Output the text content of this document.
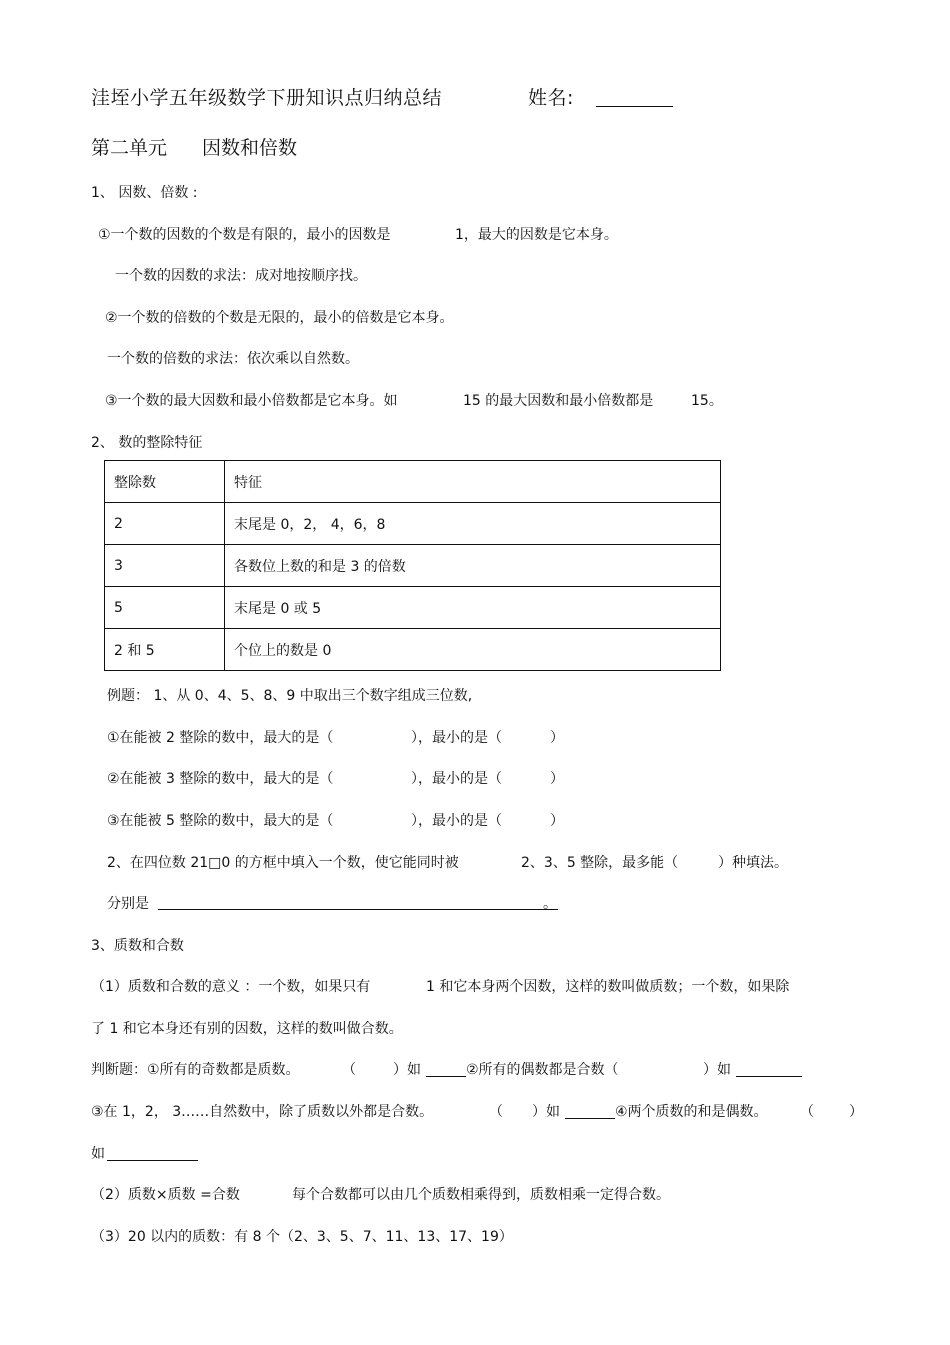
洼垤小学五年级数学下册知识点归纳总结	姓名:
第二单元 因数和倍数
1、 因数、倍数 :
①一个数的因数的个数是有限的，最小的因数是	1，最大的因数是它本身。
一个数的因数的求法：成对地按顺序找。
②一个数的倍数的个数是无限的，最小的倍数是它本身。
一个数的倍数的求法：依次乘以自然数。
③一个数的最大因数和最小倍数都是它本身。如	15 的最大因数和最小倍数都是	15。
2、 数的整除特征
整除数	特征
2	末尾是 0，2， 4，6，8
3	各数位上数的和是 3 的倍数
5	末尾是 0 或 5
2 和 5	个位上的数是 0
例题： 1、从 0、4、5、8、9 中取出三个数字组成三位数,
①在能被 2 整除的数中，最大的是（	），最小的是（	）
②在能被 3 整除的数中，最大的是（	），最小的是（	）
③在能被 5 整除的数中，最大的是（	），最小的是（	）
2、在四位数 21□0 的方框中填入一个数，使它能同时被	2、3、5 整除，最多能（	）种填法。
分别是	。
3、质数和合数
（1）质数和合数的意义 ：一个数，如果只有	1 和它本身两个因数，这样的数叫做质数；一个数，如果除
了 1 和它本身还有别的因数，这样的数叫做合数。
判断题：①所有的奇数都是质数。	（	）如	②所有的偶数都是合数（	）如
③在 1，2， 3……自然数中，除了质数以外都是合数。	（ ）如	④两个质数的和是偶数。 （	）
如
（2）质数×质数 =合数	每个合数都可以由几个质数相乘得到，质数相乘一定得合数。
（3）20 以内的质数：有 8 个（2、3、5、7、11、13、17、19）
